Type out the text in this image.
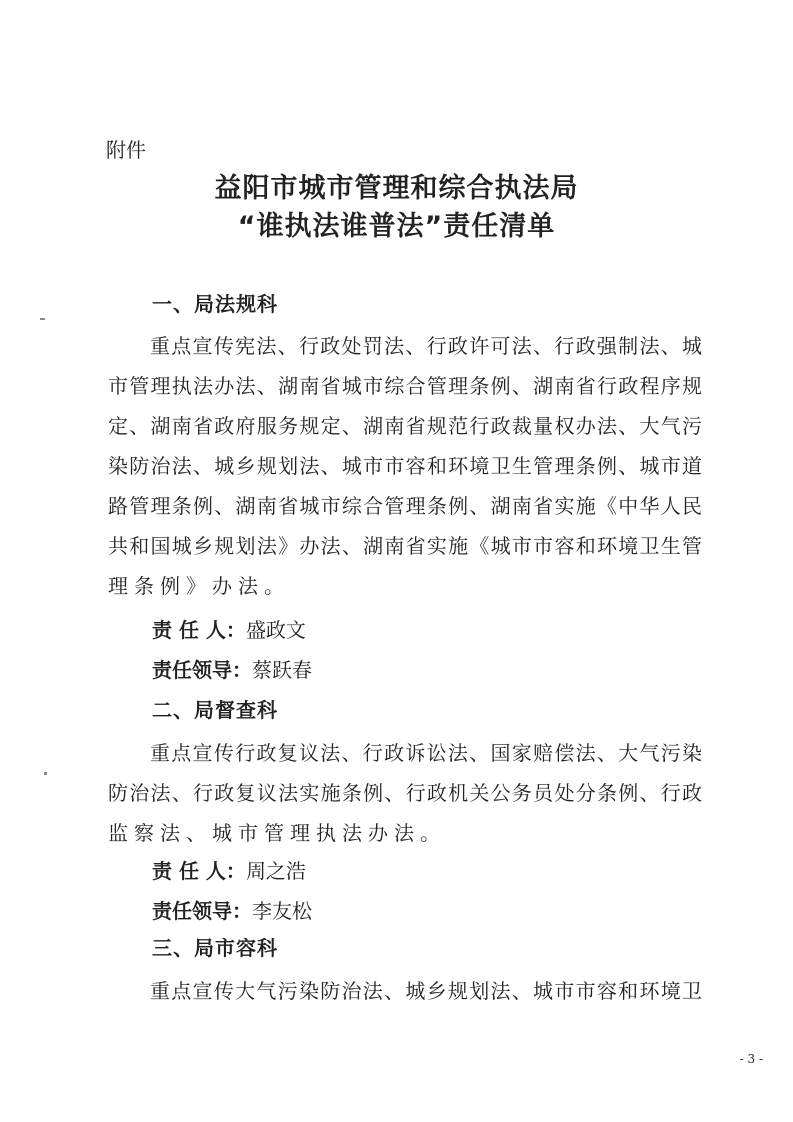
附件
益阳市城市管理和综合执法局
“谁执法谁普法”责任清单
一、局法规科
重点宣传宪法、行政处罚法、行政许可法、行政强制法、城
市管理执法办法、湖南省城市综合管理条例、湖南省行政程序规
定、湖南省政府服务规定、湖南省规范行政裁量权办法、大气污
染防治法、城乡规划法、城市市容和环境卫生管理条例、城市道
路管理条例、湖南省城市综合管理条例、湖南省实施《中华人民
共和国城乡规划法》办法、湖南省实施《城市市容和环境卫生管
理条例》办法。
责 任 人：盛政文
责任领导：蔡跃春
二、局督查科
重点宣传行政复议法、行政诉讼法、国家赔偿法、大气污染
防治法、行政复议法实施条例、行政机关公务员处分条例、行政
监察法、城市管理执法办法。
责 任 人：周之浩
责任领导：李友松
三、局市容科
重点宣传大气污染防治法、城乡规划法、城市市容和环境卫
- 3 -
